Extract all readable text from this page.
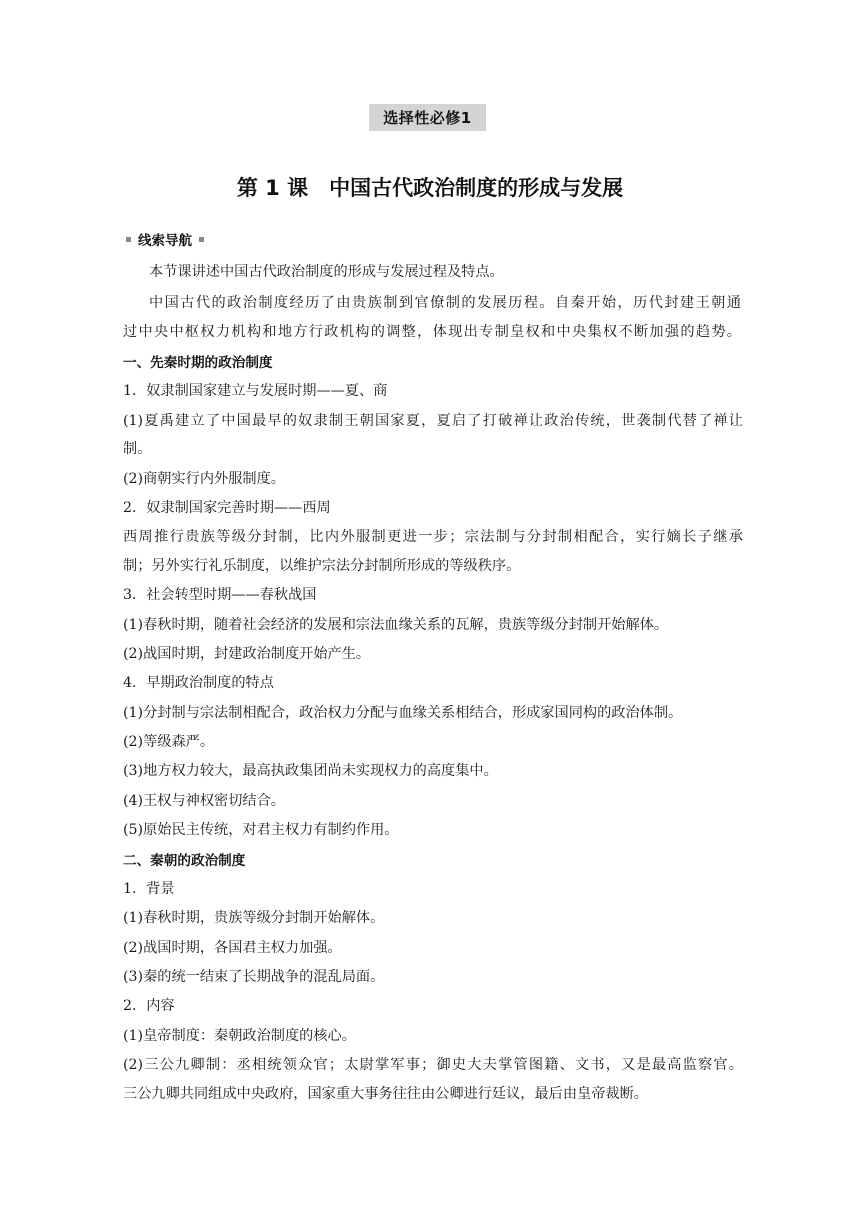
选择性必修1
第 1 课　中国古代政治制度的形成与发展
线索导航
本节课讲述中国古代政治制度的形成与发展过程及特点。
中国古代的政治制度经历了由贵族制到官僚制的发展历程。自秦开始，历代封建王朝通
过中央中枢权力机构和地方行政机构的调整，体现出专制皇权和中央集权不断加强的趋势。
一、先秦时期的政治制度
1．奴隶制国家建立与发展时期——夏、商
(1)夏禹建立了中国最早的奴隶制王朝国家夏，夏启了打破禅让政治传统，世袭制代替了禅让
制。
(2)商朝实行内外服制度。
2．奴隶制国家完善时期——西周
西周推行贵族等级分封制，比内外服制更进一步；宗法制与分封制相配合，实行嫡长子继承
制；另外实行礼乐制度，以维护宗法分封制所形成的等级秩序。
3．社会转型时期——春秋战国
(1)春秋时期，随着社会经济的发展和宗法血缘关系的瓦解，贵族等级分封制开始解体。
(2)战国时期，封建政治制度开始产生。
4．早期政治制度的特点
(1)分封制与宗法制相配合，政治权力分配与血缘关系相结合，形成家国同构的政治体制。
(2)等级森严。
(3)地方权力较大，最高执政集团尚未实现权力的高度集中。
(4)王权与神权密切结合。
(5)原始民主传统，对君主权力有制约作用。
二、秦朝的政治制度
1．背景
(1)春秋时期，贵族等级分封制开始解体。
(2)战国时期，各国君主权力加强。
(3)秦的统一结束了长期战争的混乱局面。
2．内容
(1)皇帝制度：秦朝政治制度的核心。
(2)三公九卿制：丞相统领众官；太尉掌军事；御史大夫掌管图籍、文书，又是最高监察官。
三公九卿共同组成中央政府，国家重大事务往往由公卿进行廷议，最后由皇帝裁断。
